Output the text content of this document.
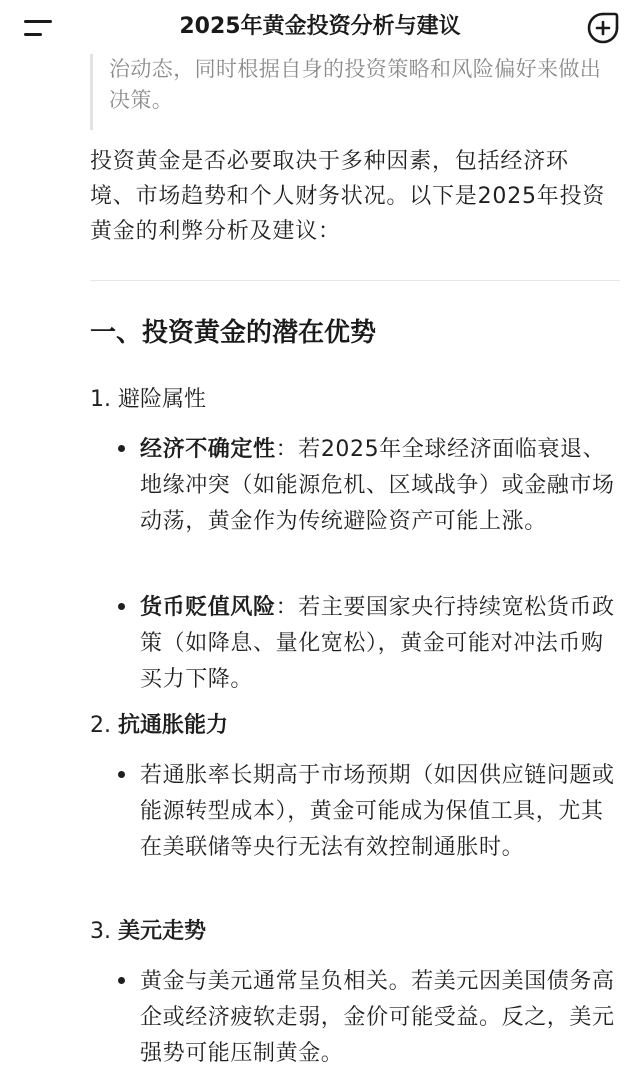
2025年黄金投资分析与建议

治动态，同时根据自身的投资策略和风险偏好来做出决策。

投资黄金是否必要取决于多种因素，包括经济环境、市场趋势和个人财务状况。以下是2025年投资黄金的利弊分析及建议：

一、投资黄金的潜在优势

1. 避险属性

经济不确定性：若2025年全球经济面临衰退、地缘冲突（如能源危机、区域战争）或金融市场动荡，黄金作为传统避险资产可能上涨。

货币贬值风险：若主要国家央行持续宽松货币政策（如降息、量化宽松），黄金可能对冲法币购买力下降。

2. 抗通胀能力

若通胀率长期高于市场预期（如因供应链问题或能源转型成本），黄金可能成为保值工具，尤其在美联储等央行无法有效控制通胀时。

3. 美元走势

黄金与美元通常呈负相关。若美元因美国债务高企或经济疲软走弱，金价可能受益。反之，美元强势可能压制黄金。
